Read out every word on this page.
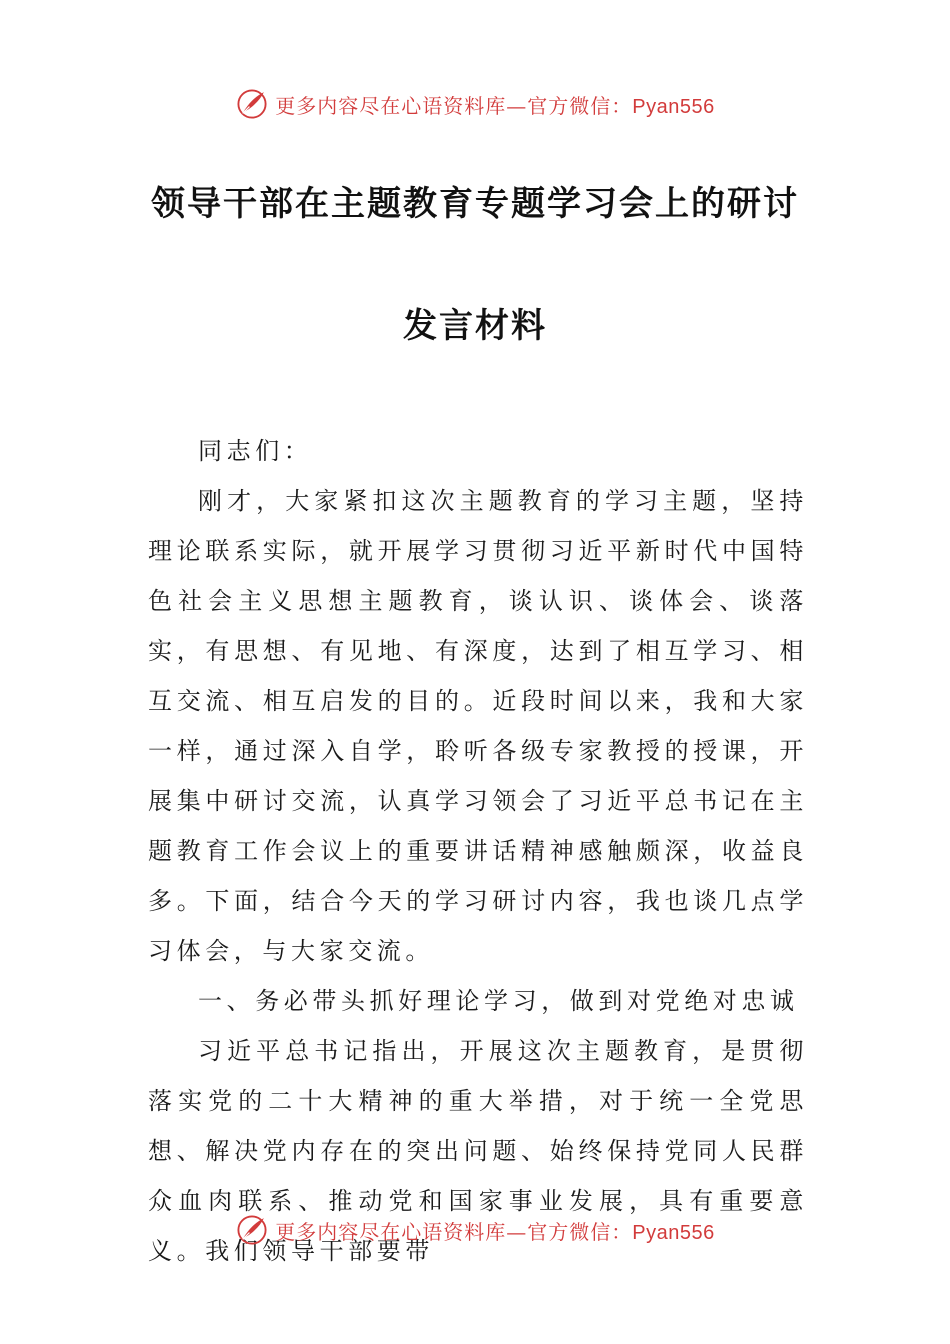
更多内容尽在心语资料库—官方微信：Pyan556
领导干部在主题教育专题学习会上的研讨
发言材料

同志们：

刚才，大家紧扣这次主题教育的学习主题，坚持理论联系实际，就开展学习贯彻习近平新时代中国特色社会主义思想主题教育，谈认识、谈体会、谈落实，有思想、有见地、有深度，达到了相互学习、相互交流、相互启发的目的。近段时间以来，我和大家一样，通过深入自学，聆听各级专家教授的授课，开展集中研讨交流，认真学习领会了习近平总书记在主题教育工作会议上的重要讲话精神感触颇深，收益良多。下面，结合今天的学习研讨内容，我也谈几点学习体会，与大家交流。

一、务必带头抓好理论学习，做到对党绝对忠诚

习近平总书记指出，开展这次主题教育，是贯彻落实党的二十大精神的重大举措，对于统一全党思想、解决党内存在的突出问题、始终保持党同人民群众血肉联系、推动党和国家事业发展，具有重要意义。我们领导干部要带

更多内容尽在心语资料库—官方微信：Pyan556
